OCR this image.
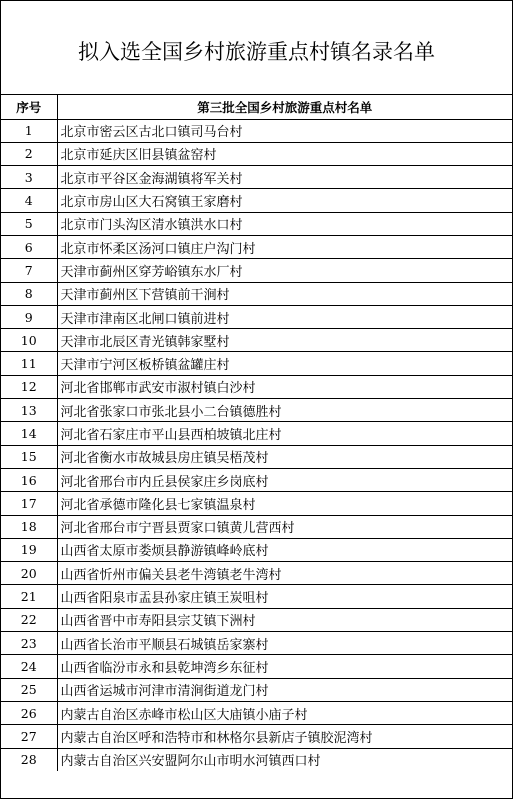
拟入选全国乡村旅游重点村镇名录名单
序号	第三批全国乡村旅游重点村名单
1	北京市密云区古北口镇司马台村
2	北京市延庆区旧县镇盆窑村
3	北京市平谷区金海湖镇将军关村
4	北京市房山区大石窝镇王家磨村
5	北京市门头沟区清水镇洪水口村
6	北京市怀柔区汤河口镇庄户沟门村
7	天津市蓟州区穿芳峪镇东水厂村
8	天津市蓟州区下营镇前干涧村
9	天津市津南区北闸口镇前进村
10	天津市北辰区青光镇韩家墅村
11	天津市宁河区板桥镇盆罐庄村
12	河北省邯郸市武安市淑村镇白沙村
13	河北省张家口市张北县小二台镇德胜村
14	河北省石家庄市平山县西柏坡镇北庄村
15	河北省衡水市故城县房庄镇吴梧茂村
16	河北省邢台市内丘县侯家庄乡岗底村
17	河北省承德市隆化县七家镇温泉村
18	河北省邢台市宁晋县贾家口镇黄儿营西村
19	山西省太原市娄烦县静游镇峰岭底村
20	山西省忻州市偏关县老牛湾镇老牛湾村
21	山西省阳泉市盂县孙家庄镇王炭咀村
22	山西省晋中市寿阳县宗艾镇下洲村
23	山西省长治市平顺县石城镇岳家寨村
24	山西省临汾市永和县乾坤湾乡东征村
25	山西省运城市河津市清涧街道龙门村
26	内蒙古自治区赤峰市松山区大庙镇小庙子村
27	内蒙古自治区呼和浩特市和林格尔县新店子镇胶泥湾村
28	内蒙古自治区兴安盟阿尔山市明水河镇西口村
